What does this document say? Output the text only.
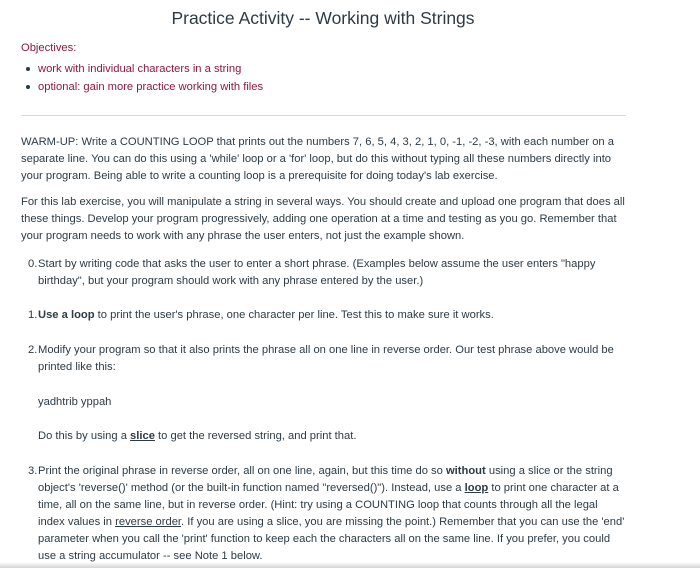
Practice Activity -- Working with Strings
Objectives:
work with individual characters in a string
optional: gain more practice working with files

WARM-UP: Write a COUNTING LOOP that prints out the numbers 7, 6, 5, 4, 3, 2, 1, 0, -1, -2, -3, with each number on a separate line. You can do this using a 'while' loop or a 'for' loop, but do this without typing all these numbers directly into your program. Being able to write a counting loop is a prerequisite for doing today's lab exercise.

For this lab exercise, you will manipulate a string in several ways. You should create and upload one program that does all these things. Develop your program progressively, adding one operation at a time and testing as you go. Remember that your program needs to work with any phrase the user enters, not just the example shown.

0. Start by writing code that asks the user to enter a short phrase. (Examples below assume the user enters "happy birthday", but your program should work with any phrase entered by the user.)
1. Use a loop to print the user's phrase, one character per line. Test this to make sure it works.
2. Modify your program so that it also prints the phrase all on one line in reverse order. Our test phrase above would be printed like this:
yadhtrib yppah
Do this by using a slice to get the reversed string, and print that.
3. Print the original phrase in reverse order, all on one line, again, but this time do so without using a slice or the string object's 'reverse()' method (or the built-in function named "reversed()"). Instead, use a loop to print one character at a time, all on the same line, but in reverse order. (Hint: try using a COUNTING loop that counts through all the legal index values in reverse order. If you are using a slice, you are missing the point.) Remember that you can use the 'end' parameter when you call the 'print' function to keep each the characters all on the same line. If you prefer, you could use a string accumulator -- see Note 1 below.
